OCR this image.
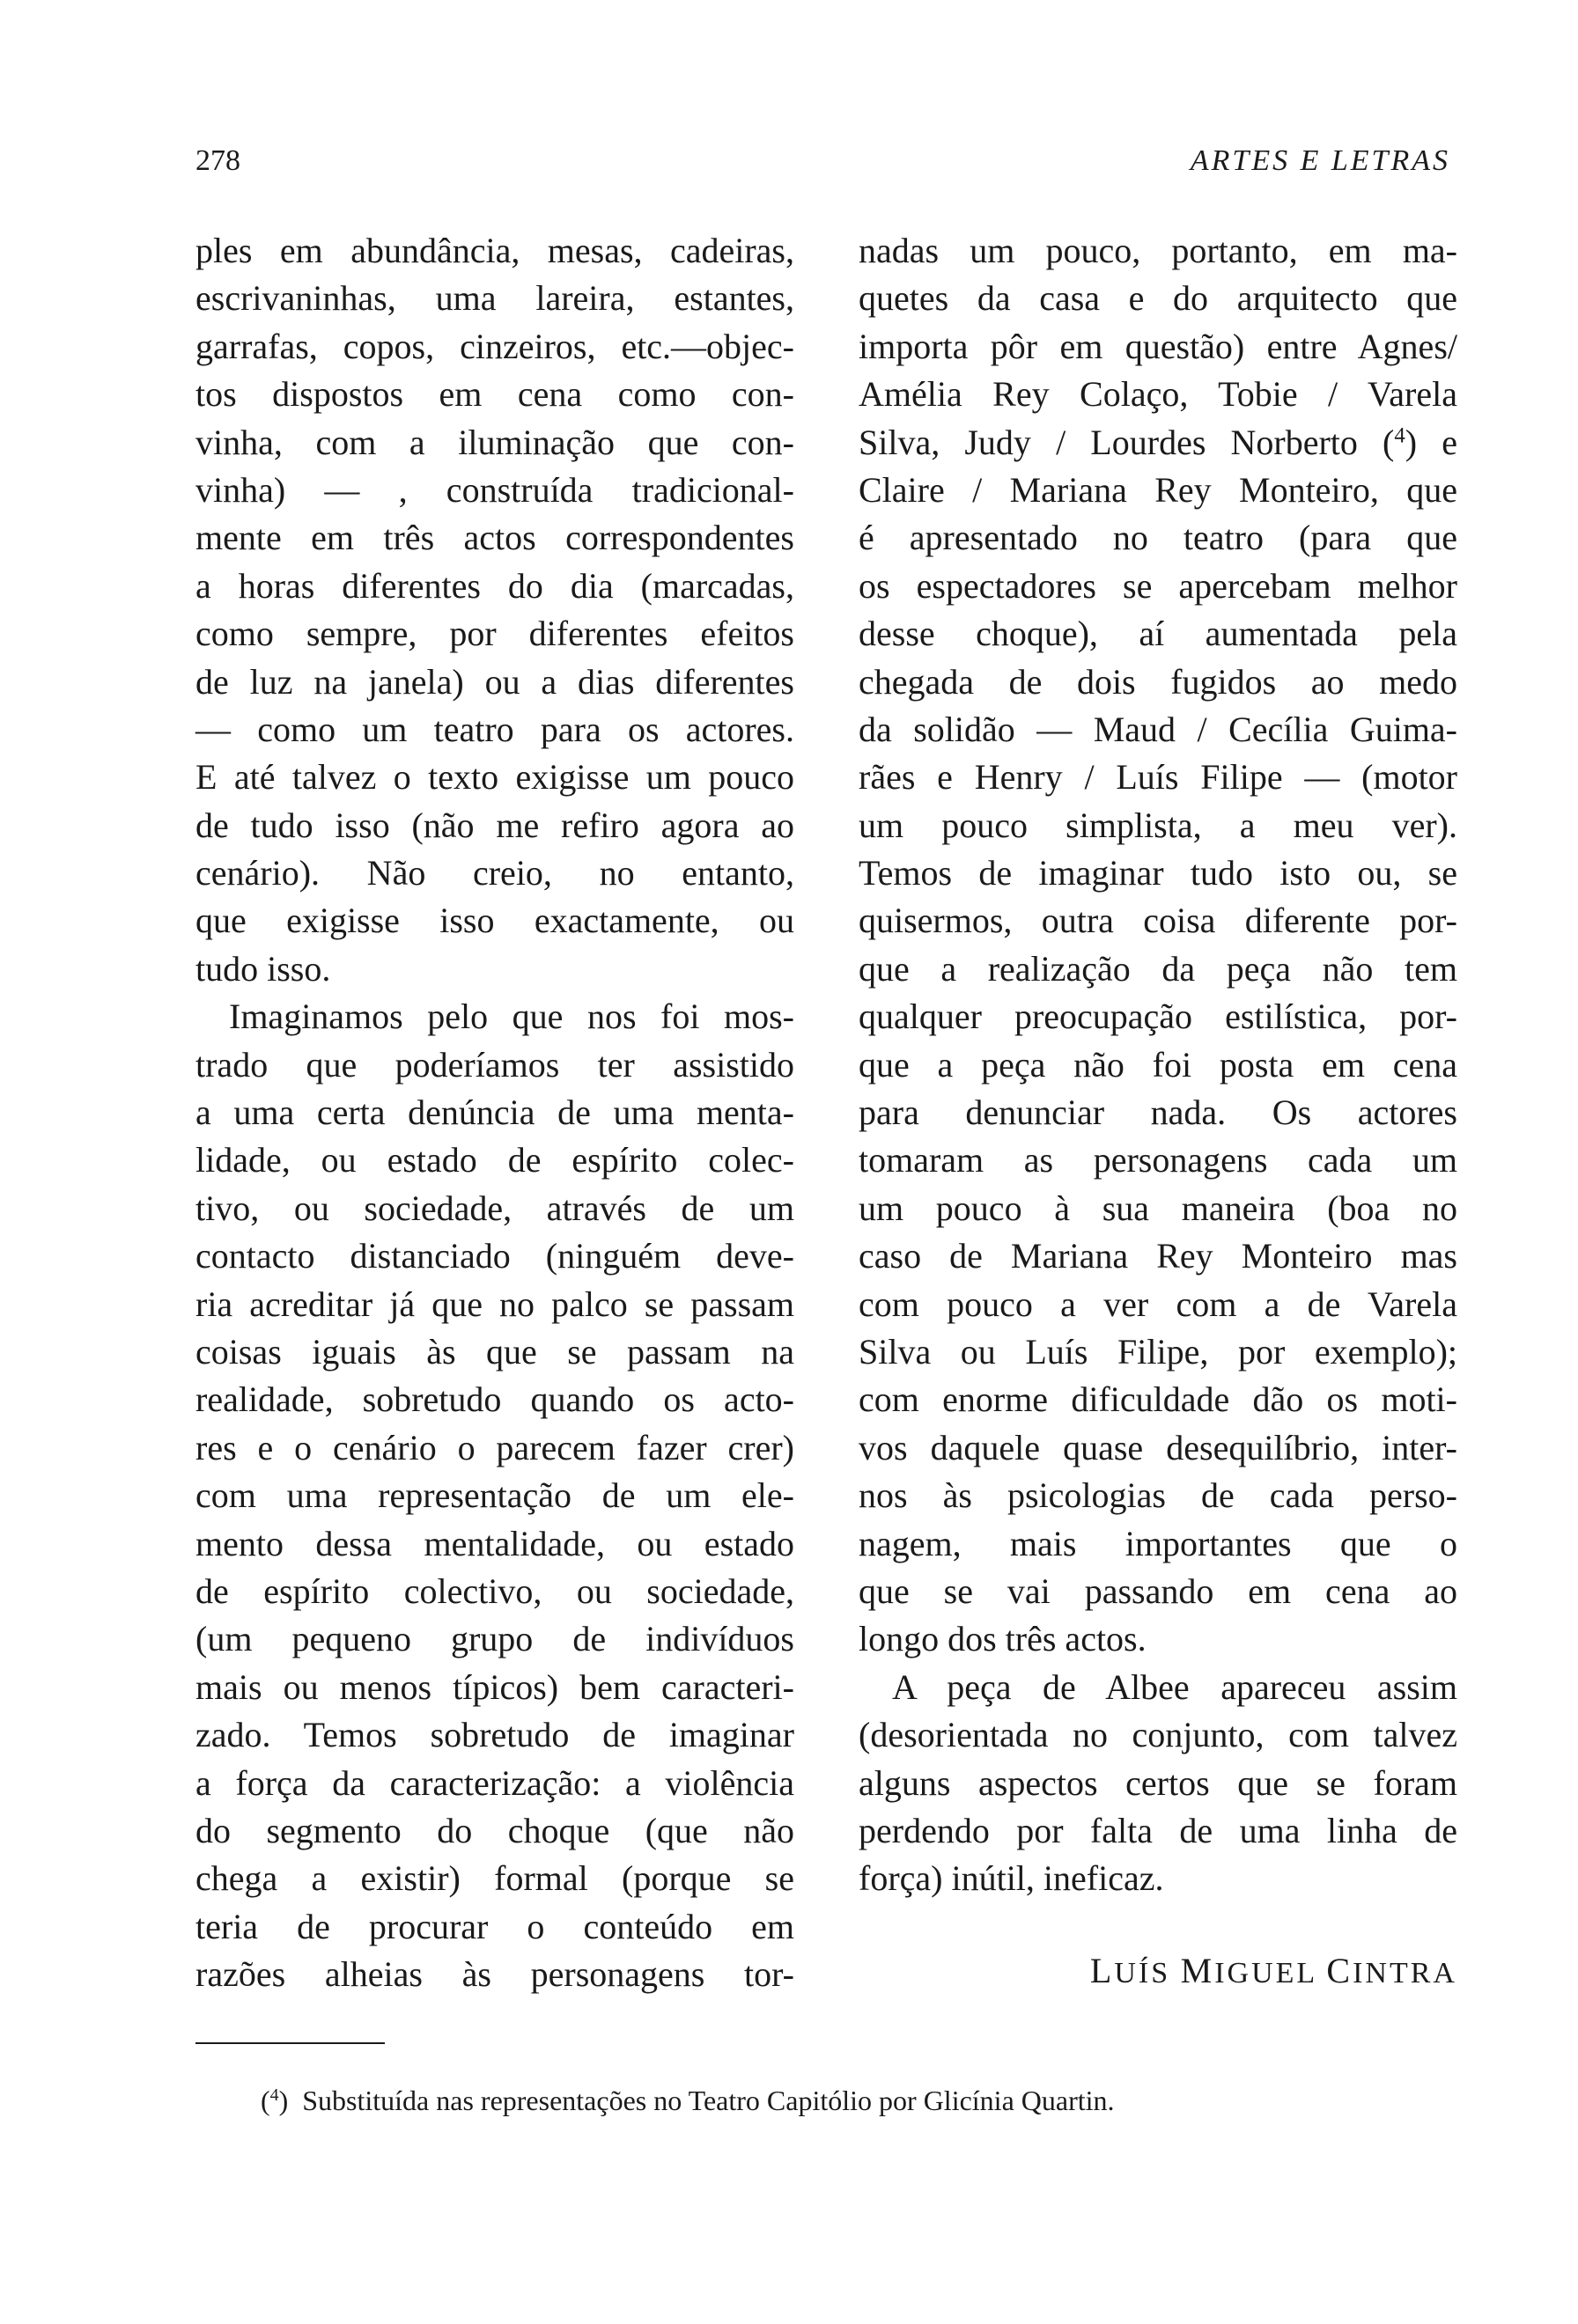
278	ARTES E LETRAS
ples em abundância, mesas, cadeiras,
escrivaninhas, uma lareira, estantes,
garrafas, copos, cinzeiros, etc.—objec-
tos dispostos em cena como con-
vinha, com a iluminação que con-
vinha) — , construída tradicional-
mente em três actos correspondentes
a horas diferentes do dia (marcadas,
como sempre, por diferentes efeitos
de luz na janela) ou a dias diferentes
— como um teatro para os actores.
E até talvez o texto exigisse um pouco
de tudo isso (não me refiro agora ao
cenário). Não creio, no entanto,
que exigisse isso exactamente, ou
tudo isso.
Imaginamos pelo que nos foi mos-
trado que poderíamos ter assistido
a uma certa denúncia de uma menta-
lidade, ou estado de espírito colec-
tivo, ou sociedade, através de um
contacto distanciado (ninguém deve-
ria acreditar já que no palco se passam
coisas iguais às que se passam na
realidade, sobretudo quando os acto-
res e o cenário o parecem fazer crer)
com uma representação de um ele-
mento dessa mentalidade, ou estado
de espírito colectivo, ou sociedade,
(um pequeno grupo de indivíduos
mais ou menos típicos) bem caracteri-
zado. Temos sobretudo de imaginar
a força da caracterização: a violência
do segmento do choque (que não
chega a existir) formal (porque se
teria de procurar o conteúdo em
razões alheias às personagens tor-
nadas um pouco, portanto, em ma-
quetes da casa e do arquitecto que
importa pôr em questão) entre Agnes/
Amélia Rey Colaço, Tobie / Varela
Silva, Judy / Lourdes Norberto ($^4$) e
Claire / Mariana Rey Monteiro, que
é apresentado no teatro (para que
os espectadores se apercebam melhor
desse choque), aí aumentada pela
chegada de dois fugidos ao medo
da solidão — Maud / Cecília Guima-
rães e Henry / Luís Filipe — (motor
um pouco simplista, a meu ver).
Temos de imaginar tudo isto ou, se
quisermos, outra coisa diferente por-
que a realização da peça não tem
qualquer preocupação estilística, por-
que a peça não foi posta em cena
para denunciar nada. Os actores
tomaram as personagens cada um
um pouco à sua maneira (boa no
caso de Mariana Rey Monteiro mas
com pouco a ver com a de Varela
Silva ou Luís Filipe, por exemplo);
com enorme dificuldade dão os moti-
vos daquele quase desequilíbrio, inter-
nos às psicologias de cada perso-
nagem, mais importantes que o
que se vai passando em cena ao
longo dos três actos.
A peça de Albee apareceu assim
(desorientada no conjunto, com talvez
alguns aspectos certos que se foram
perdendo por falta de uma linha de
força) inútil, ineficaz.
LUÍS MIGUEL CINTRA
($^4$)  Substituída nas representações no Teatro Capitólio por Glicínia Quartin.
